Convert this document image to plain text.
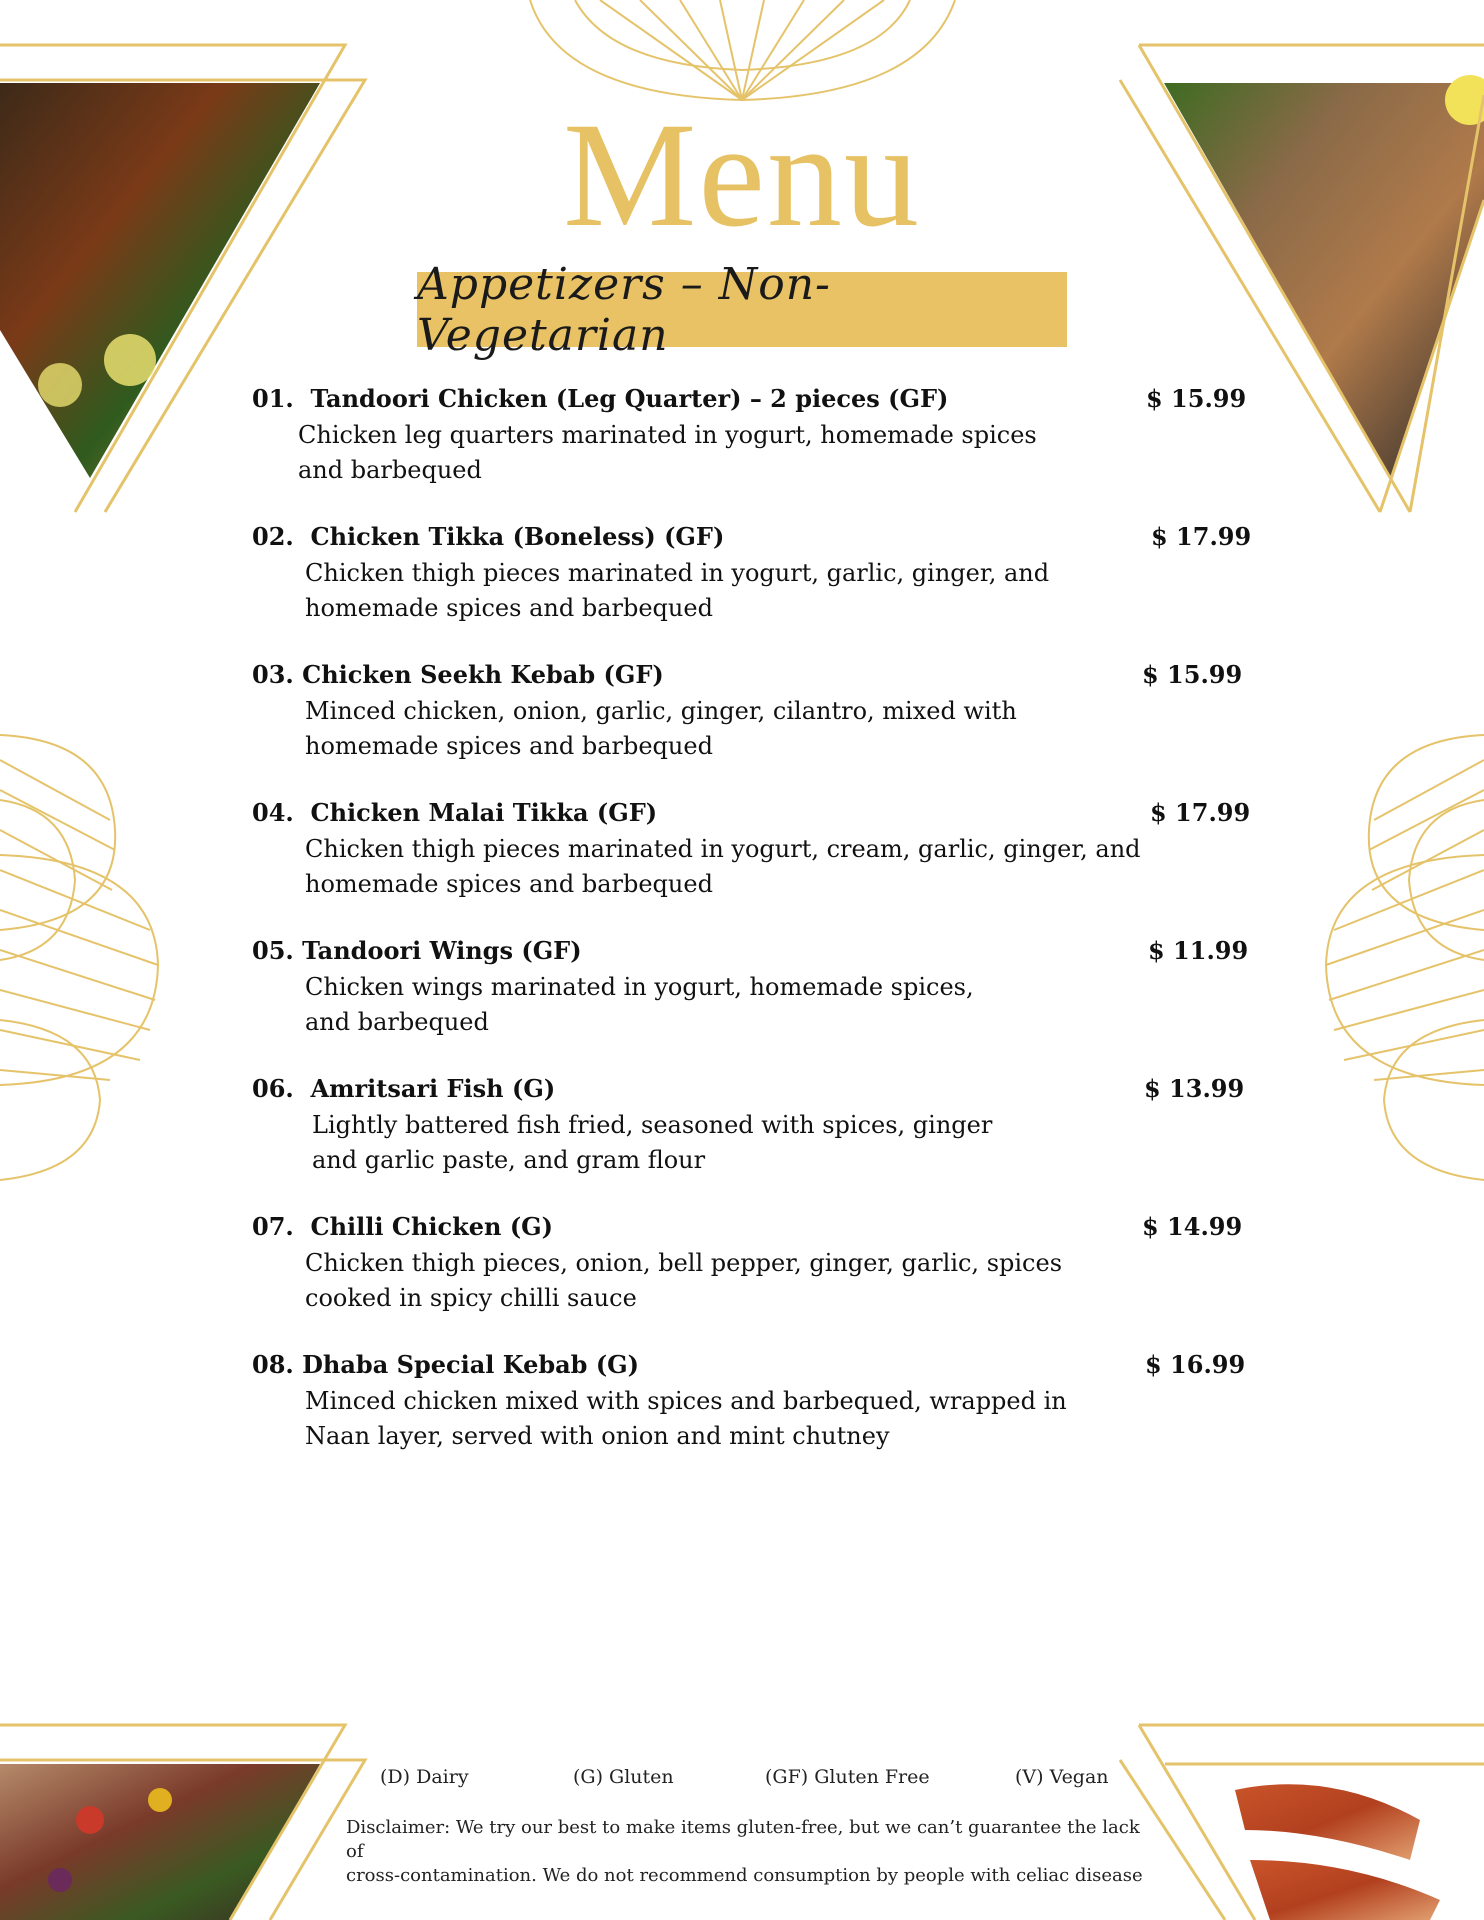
Menu
Appetizers – Non-Vegetarian
01.  Tandoori Chicken (Leg Quarter) – 2 pieces (GF)	$ 15.99
Chicken leg quarters marinated in yogurt, homemade spices
and barbequed
02.  Chicken Tikka (Boneless) (GF)	$ 17.99
Chicken thigh pieces marinated in yogurt, garlic, ginger, and
homemade spices and barbequed
03. Chicken Seekh Kebab (GF)	$ 15.99
Minced chicken, onion, garlic, ginger, cilantro, mixed with
homemade spices and barbequed
04.  Chicken Malai Tikka (GF)	$ 17.99
Chicken thigh pieces marinated in yogurt, cream, garlic, ginger, and
homemade spices and barbequed
05. Tandoori Wings (GF)	$ 11.99
Chicken wings marinated in yogurt, homemade spices,
and barbequed
06.  Amritsari Fish (G)	$ 13.99
Lightly battered fish fried, seasoned with spices, ginger
and garlic paste, and gram flour
07.  Chilli Chicken (G)	$ 14.99
Chicken thigh pieces, onion, bell pepper, ginger, garlic, spices
cooked in spicy chilli sauce
08. Dhaba Special Kebab (G)	$ 16.99
Minced chicken mixed with spices and barbequed, wrapped in
Naan layer, served with onion and mint chutney
(D) Dairy	(G) Gluten	(GF) Gluten Free	(V) Vegan
Disclaimer: We try our best to make items gluten-free, but we can’t guarantee the lack of
cross-contamination. We do not recommend consumption by people with celiac disease
